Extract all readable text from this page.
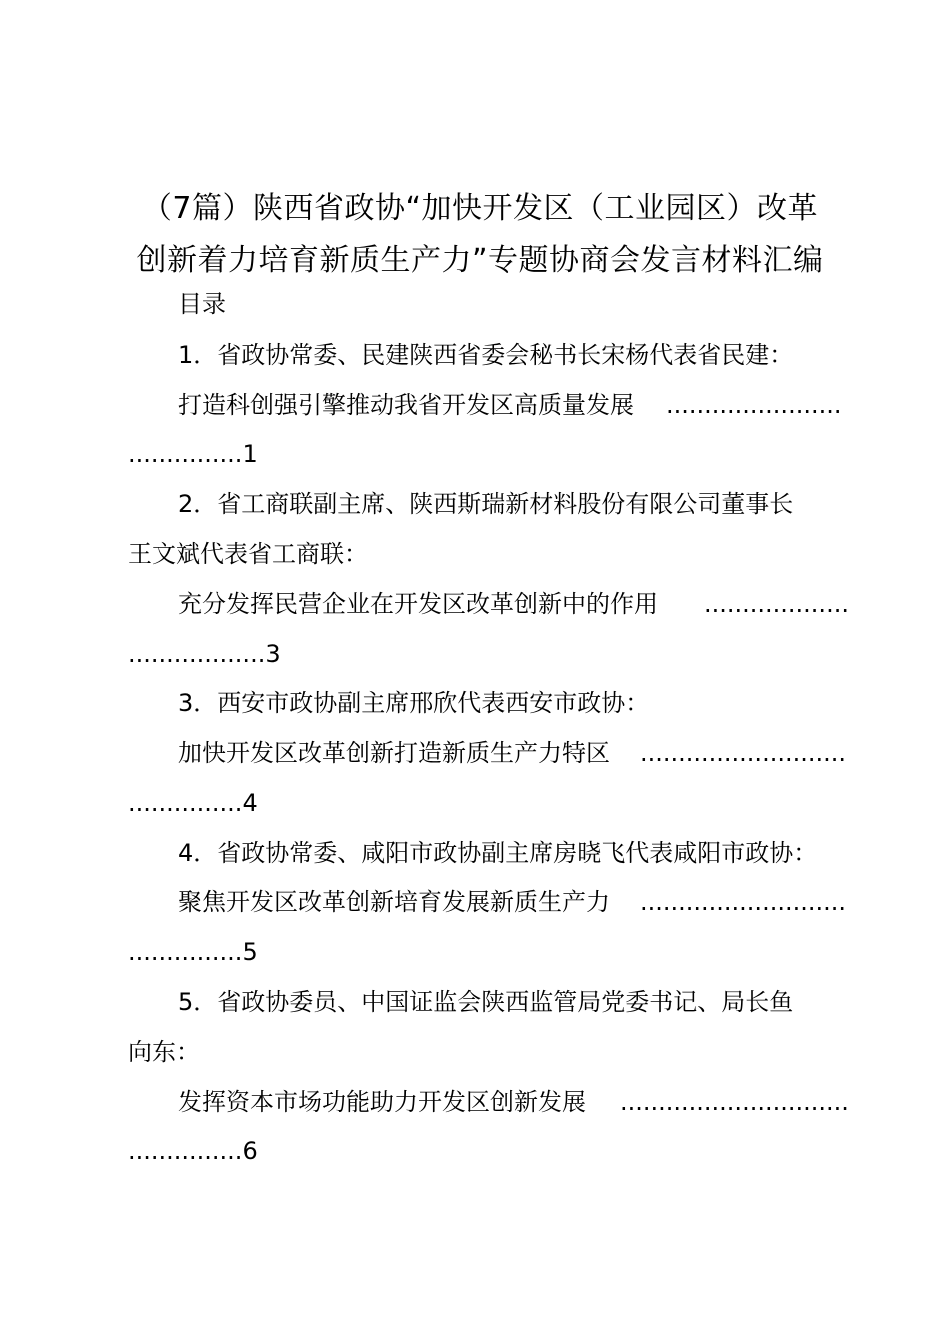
（7篇）陕西省政协“加快开发区（工业园区）改革创新着力培育新质生产力”专题协商会发言材料汇编
目录
1．省政协常委、民建陕西省委会秘书长宋杨代表省民建：
打造科创强引擎推动我省开发区高质量发展 .......................
...............1
2．省工商联副主席、陕西斯瑞新材料股份有限公司董事长
王文斌代表省工商联：
充分发挥民营企业在开发区改革创新中的作用 ...................
..................3
3．西安市政协副主席邢欣代表西安市政协：
加快开发区改革创新打造新质生产力特区 ...........................
...............4
4．省政协常委、咸阳市政协副主席房晓飞代表咸阳市政协：
聚焦开发区改革创新培育发展新质生产力 ...........................
...............5
5．省政协委员、中国证监会陕西监管局党委书记、局长鱼
向东：
发挥资本市场功能助力开发区创新发展 ..............................
...............6
